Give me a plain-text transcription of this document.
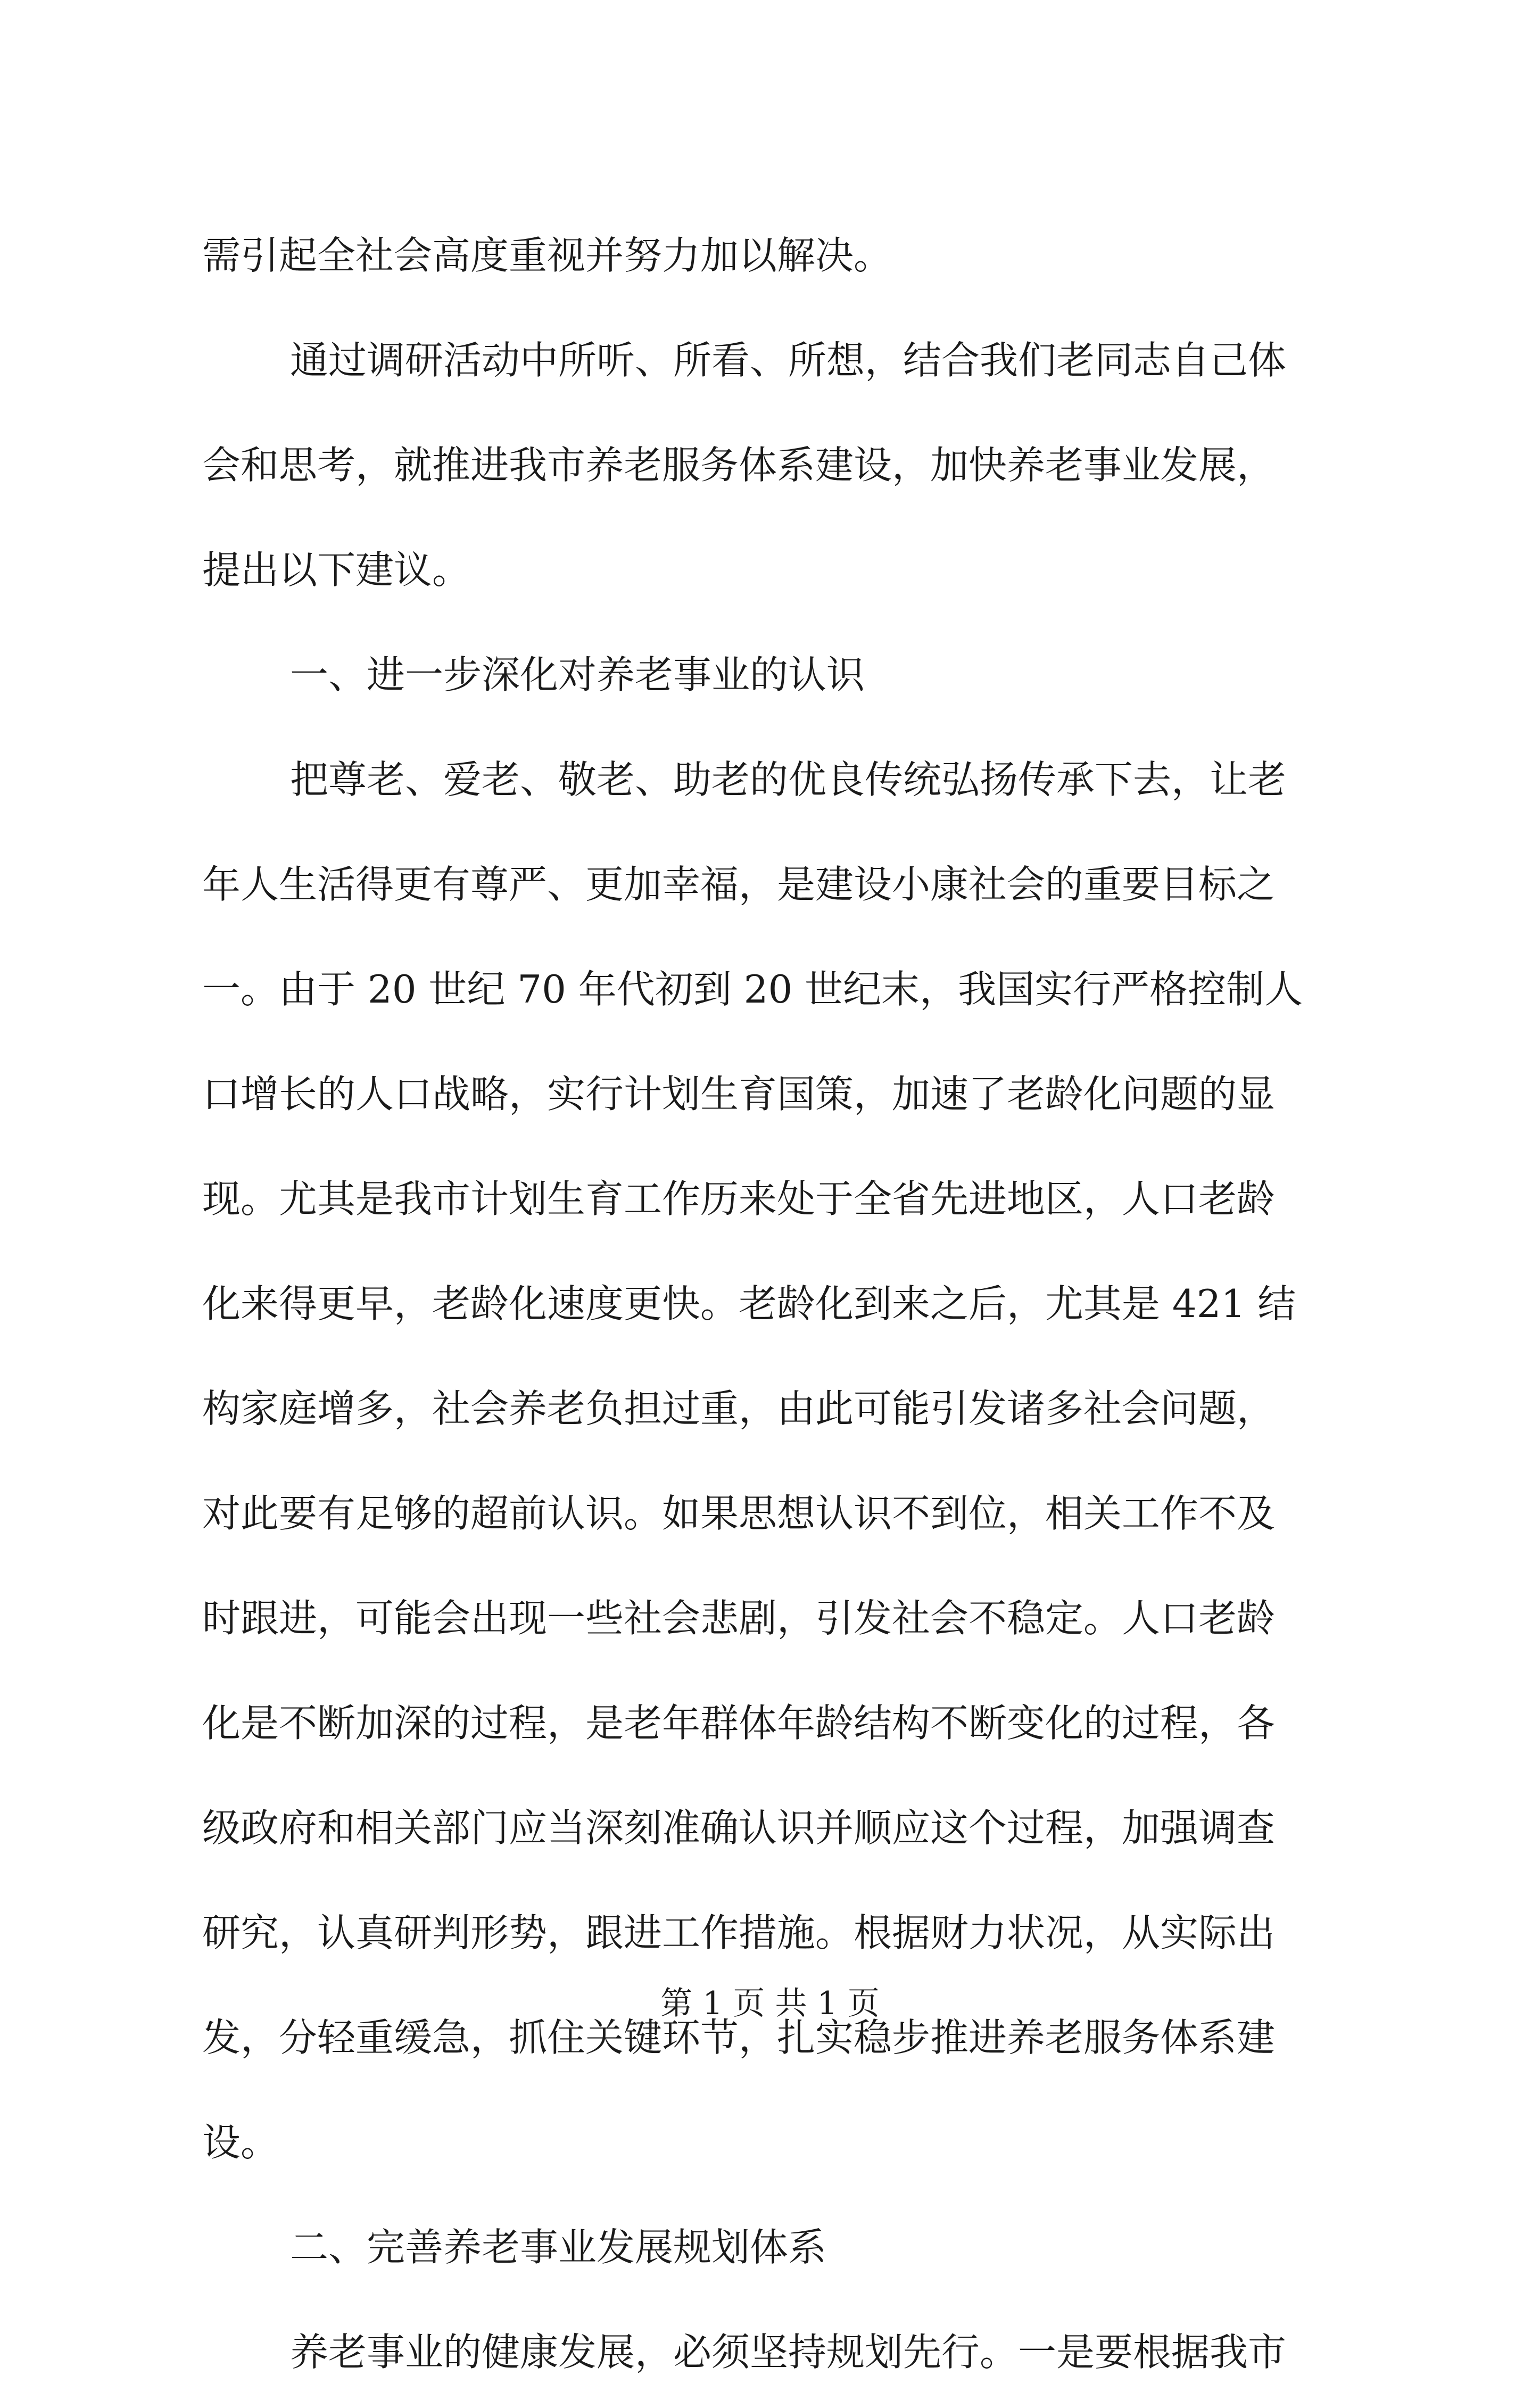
需引起全社会高度重视并努力加以解决。
通过调研活动中所听、所看、所想，结合我们老同志自己体
会和思考，就推进我市养老服务体系建设，加快养老事业发展，
提出以下建议。
一、进一步深化对养老事业的认识
把尊老、爱老、敬老、助老的优良传统弘扬传承下去，让老
年人生活得更有尊严、更加幸福，是建设小康社会的重要目标之
一。由于 20 世纪 70 年代初到 20 世纪末，我国实行严格控制人
口增长的人口战略，实行计划生育国策，加速了老龄化问题的显
现。尤其是我市计划生育工作历来处于全省先进地区，人口老龄
化来得更早，老龄化速度更快。老龄化到来之后，尤其是 421 结
构家庭增多，社会养老负担过重，由此可能引发诸多社会问题，
对此要有足够的超前认识。如果思想认识不到位，相关工作不及
时跟进，可能会出现一些社会悲剧，引发社会不稳定。人口老龄
化是不断加深的过程，是老年群体年龄结构不断变化的过程，各
级政府和相关部门应当深刻准确认识并顺应这个过程，加强调查
研究，认真研判形势，跟进工作措施。根据财力状况，从实际出
发，分轻重缓急，抓住关键环节，扎实稳步推进养老服务体系建
设。
二、完善养老事业发展规划体系
养老事业的健康发展，必须坚持规划先行。一是要根据我市
第 1 页 共 1 页
